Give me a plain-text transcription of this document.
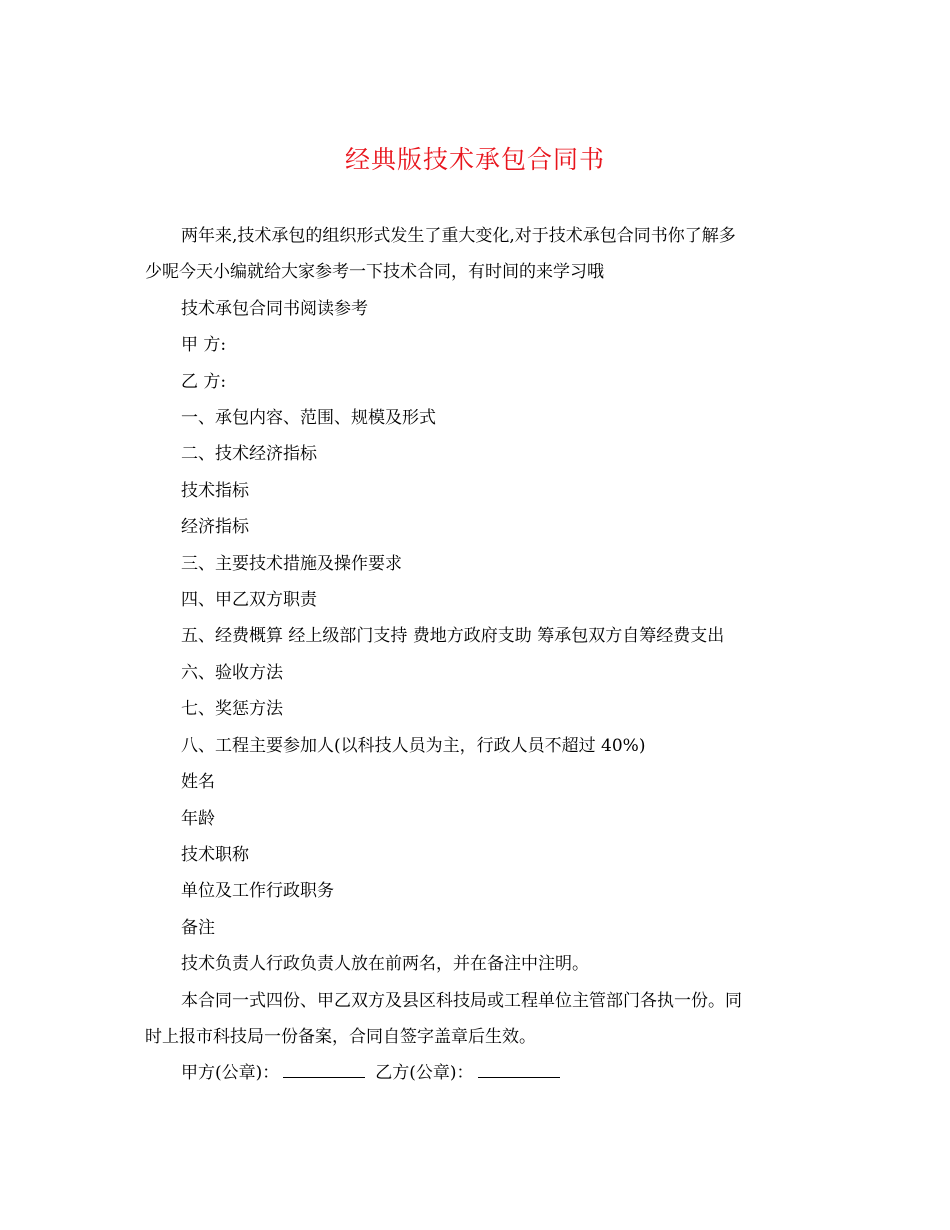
经典版技术承包合同书

两年来,技术承包的组织形式发生了重大变化,对于技术承包合同书你了解多

少呢今天小编就给大家参考一下技术合同，有时间的来学习哦

技术承包合同书阅读参考

甲 方:

乙 方:

一、承包内容、范围、规模及形式

二、技术经济指标

技术指标

经济指标

三、主要技术措施及操作要求

四、甲乙双方职责

五、经费概算 经上级部门支持 费地方政府支助 筹承包双方自筹经费支出

六、验收方法

七、奖惩方法

八、工程主要参加人(以科技人员为主，行政人员不超过 40%)

姓名

年龄

技术职称

单位及工作行政职务

备注

技术负责人行政负责人放在前两名，并在备注中注明。

本合同一式四份、甲乙双方及县区科技局或工程单位主管部门各执一份。同

时上报市科技局一份备案，合同自签字盖章后生效。

甲方(公章)：	乙方(公章)：
